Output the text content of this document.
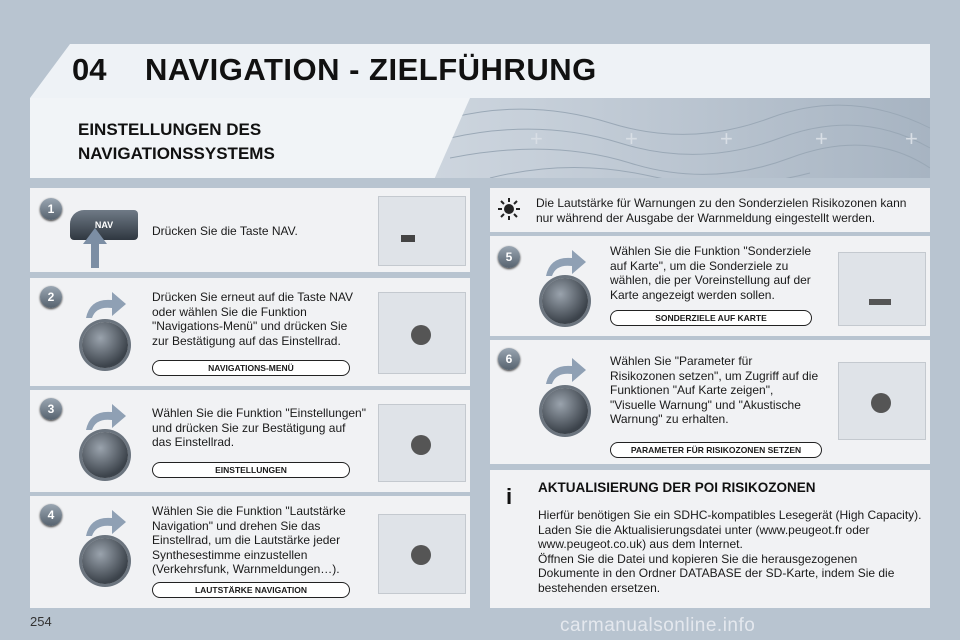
04 NAVIGATION - ZIELFÜHRUNG
+	+	+	+	+
EINSTELLUNGEN DES
NAVIGATIONSSYSTEMS
1
NAV	Drücken Sie die Taste NAV.
2	Drücken Sie erneut auf die Taste NAV oder wählen Sie die Funktion "Navigations-Menü" und drücken Sie zur Bestätigung auf das Einstellrad.
NAVIGATIONS-MENÜ
3	Wählen Sie die Funktion "Einstellungen" und drücken Sie zur Bestätigung auf das Einstellrad.
EINSTELLUNGEN
4	Wählen Sie die Funktion "Lautstärke Navigation" und drehen Sie das Einstellrad, um die Lautstärke jeder Synthesestimme einzustellen (Verkehrsfunk, Warnmeldungen…).
LAUTSTÄRKE NAVIGATION
Die Lautstärke für Warnungen zu den Sonderzielen Risikozonen kann nur während der Ausgabe der Warnmeldung eingestellt werden.
5	Wählen Sie die Funktion "Sonderziele auf Karte", um die Sonderziele zu wählen, die per Voreinstellung auf der Karte angezeigt werden sollen.
SONDERZIELE AUF KARTE
6	Wählen Sie "Parameter für Risikozonen setzen", um Zugriff auf die Funktionen "Auf Karte zeigen", "Visuelle Warnung" und "Akustische Warnung" zu erhalten.
PARAMETER FÜR RISIKOZONEN SETZEN
i	AKTUALISIERUNG DER POI RISIKOZONEN
Hierfür benötigen Sie ein SDHC-kompatibles Lesegerät (High Capacity).
Laden Sie die Aktualisierungsdatei unter (www.peugeot.fr oder www.peugeot.co.uk) aus dem Internet.
Öffnen Sie die Datei und kopieren Sie die herausgezogenen Dokumente in den Ordner DATABASE der SD-Karte, indem Sie die bestehenden ersetzen.
254	carmanualsonline.info
